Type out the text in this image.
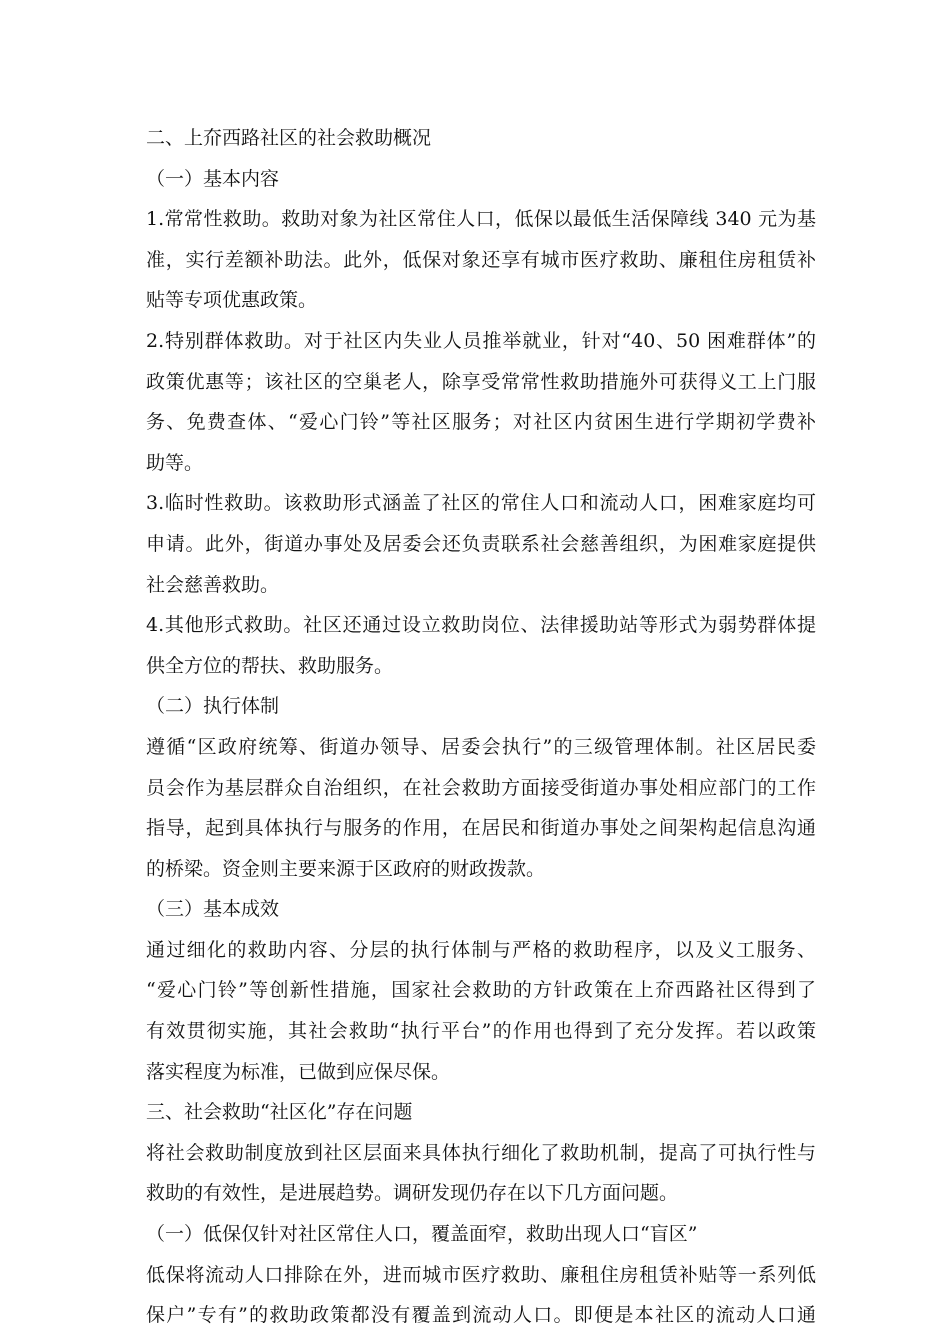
二、上夼西路社区的社会救助概况
（一）基本内容
1.常常性救助。救助对象为社区常住人口，低保以最低生活保障线 340 元为基
准，实行差额补助法。此外，低保对象还享有城市医疗救助、廉租住房租赁补
贴等专项优惠政策。
2.特别群体救助。对于社区内失业人员推举就业，针对“40、50 困难群体”的
政策优惠等；该社区的空巢老人，除享受常常性救助措施外可获得义工上门服
务、免费查体、“爱心门铃”等社区服务；对社区内贫困生进行学期初学费补
助等。
3.临时性救助。该救助形式涵盖了社区的常住人口和流动人口，困难家庭均可
申请。此外，街道办事处及居委会还负责联系社会慈善组织，为困难家庭提供
社会慈善救助。
4.其他形式救助。社区还通过设立救助岗位、法律援助站等形式为弱势群体提
供全方位的帮扶、救助服务。
（二）执行体制
遵循“区政府统筹、街道办领导、居委会执行”的三级管理体制。社区居民委
员会作为基层群众自治组织，在社会救助方面接受街道办事处相应部门的工作
指导，起到具体执行与服务的作用，在居民和街道办事处之间架构起信息沟通
的桥梁。资金则主要来源于区政府的财政拨款。
（三）基本成效
通过细化的救助内容、分层的执行体制与严格的救助程序，以及义工服务、
“爱心门铃”等创新性措施，国家社会救助的方针政策在上夼西路社区得到了
有效贯彻实施，其社会救助“执行平台”的作用也得到了充分发挥。若以政策
落实程度为标准，已做到应保尽保。
三、社会救助“社区化”存在问题
将社会救助制度放到社区层面来具体执行细化了救助机制，提高了可执行性与
救助的有效性，是进展趋势。调研发现仍存在以下几方面问题。
（一）低保仅针对社区常住人口，覆盖面窄，救助出现人口“盲区”
低保将流动人口排除在外，进而城市医疗救助、廉租住房租赁补贴等一系列低
保户”专有”的救助政策都没有覆盖到流动人口。即便是本社区的流动人口通
